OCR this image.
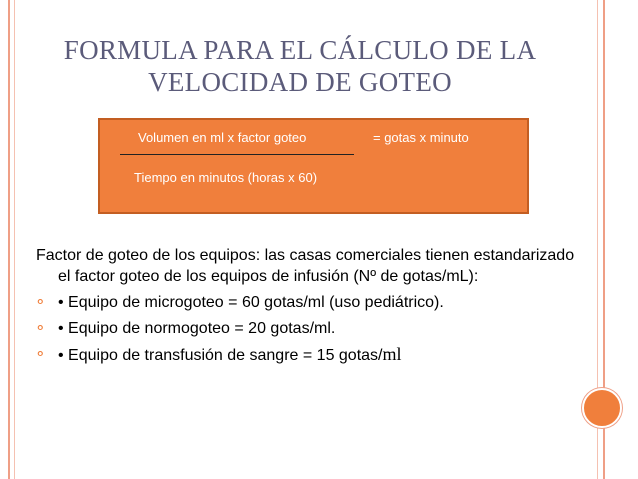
FORMULA PARA EL CÁLCULO DE LA
VELOCIDAD DE GOTEO
Volumen en ml x factor goteo
Tiempo en minutos (horas x 60)
= gotas x minuto
Factor de goteo de los equipos: las casas comerciales tienen estandarizado el factor goteo de los equipos de infusión (Nº de gotas/mL):
⚬ • Equipo de microgoteo = 60 gotas/ml (uso pediátrico).
⚬ • Equipo de normogoteo = 20 gotas/ml.
⚬ • Equipo de transfusión de sangre = 15 gotas/ml
